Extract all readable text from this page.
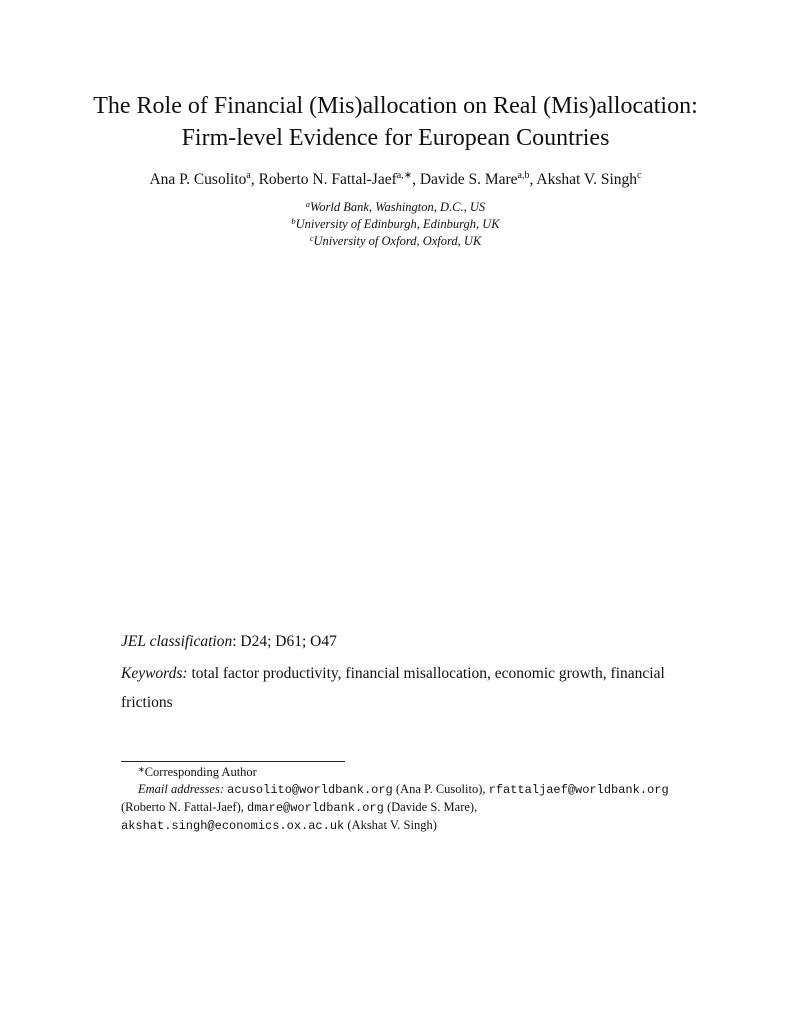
The Role of Financial (Mis)allocation on Real (Mis)allocation:
Firm-level Evidence for European Countries
Ana P. Cusolito$^a$, Roberto N. Fattal-Jaef$^{a,∗}$, Davide S. Mare$^{a,b}$, Akshat V. Singh$^c$
$^a$World Bank, Washington, D.C., US
$^b$University of Edinburgh, Edinburgh, UK
$^c$University of Oxford, Oxford, UK
JEL classification: D24; D61; O47
Keywords: total factor productivity, financial misallocation, economic growth, financial frictions
∗Corresponding Author
Email addresses: acusolito@worldbank.org (Ana P. Cusolito), rfattaljaef@worldbank.org
(Roberto N. Fattal-Jaef), dmare@worldbank.org (Davide S. Mare),
akshat.singh@economics.ox.ac.uk (Akshat V. Singh)
